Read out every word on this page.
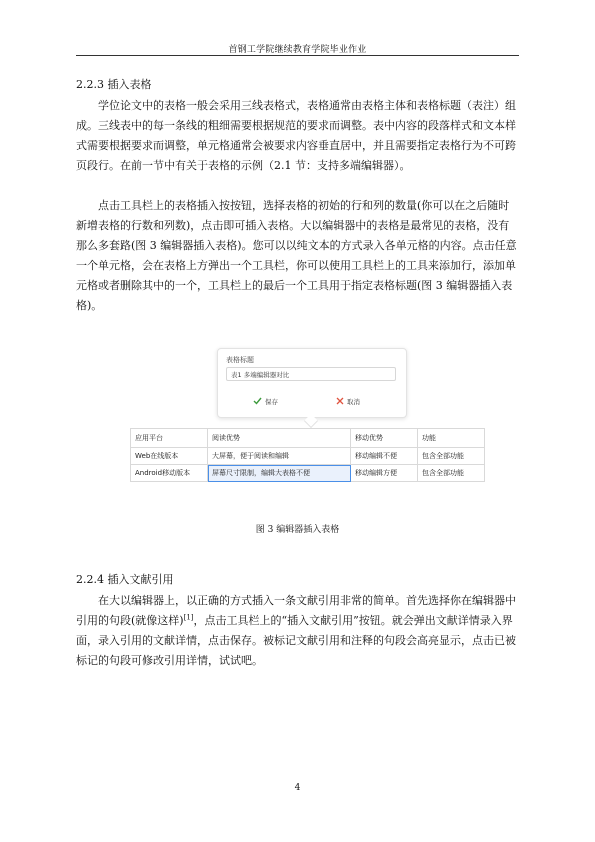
首钢工学院继续教育学院毕业作业
2.2.3 插入表格
学位论文中的表格一般会采用三线表格式，表格通常由表格主体和表格标题（表注）组成。三线表中的每一条线的粗细需要根据规范的要求而调整。表中内容的段落样式和文本样式需要根据要求而调整，单元格通常会被要求内容垂直居中，并且需要指定表格行为不可跨页段行。在前一节中有关于表格的示例（2.1 节：支持多端编辑器）。
点击工具栏上的表格插入按按钮，选择表格的初始的行和列的数量(你可以在之后随时新增表格的行数和列数)，点击即可插入表格。大以编辑器中的表格是最常见的表格，没有那么多套路(图 3 编辑器插入表格)。您可以以纯文本的方式录入各单元格的内容。点击任意一个单元格，会在表格上方弹出一个工具栏，你可以使用工具栏上的工具来添加行，添加单元格或者删除其中的一个，工具栏上的最后一个工具用于指定表格标题(图 3 编辑器插入表格)。
表格标题
表1 多端编辑器对比
保存	取消
应用平台	阅读优势	移动优势	功能
Web在线版本	大屏幕，便于阅读和编辑	移动编辑不便	包含全部功能
Android移动版本	屏幕尺寸限制，编辑大表格不便	移动编辑方便	包含全部功能
图 3 编辑器插入表格
2.2.4 插入文献引用
在大以编辑器上，以正确的方式插入一条文献引用非常的简单。首先选择你在编辑器中引用的句段(就像这样)[1]，点击工具栏上的“插入文献引用”按钮。就会弹出文献详情录入界面，录入引用的文献详情，点击保存。被标记文献引用和注释的句段会高亮显示，点击已被标记的句段可修改引用详情，试试吧。
4
